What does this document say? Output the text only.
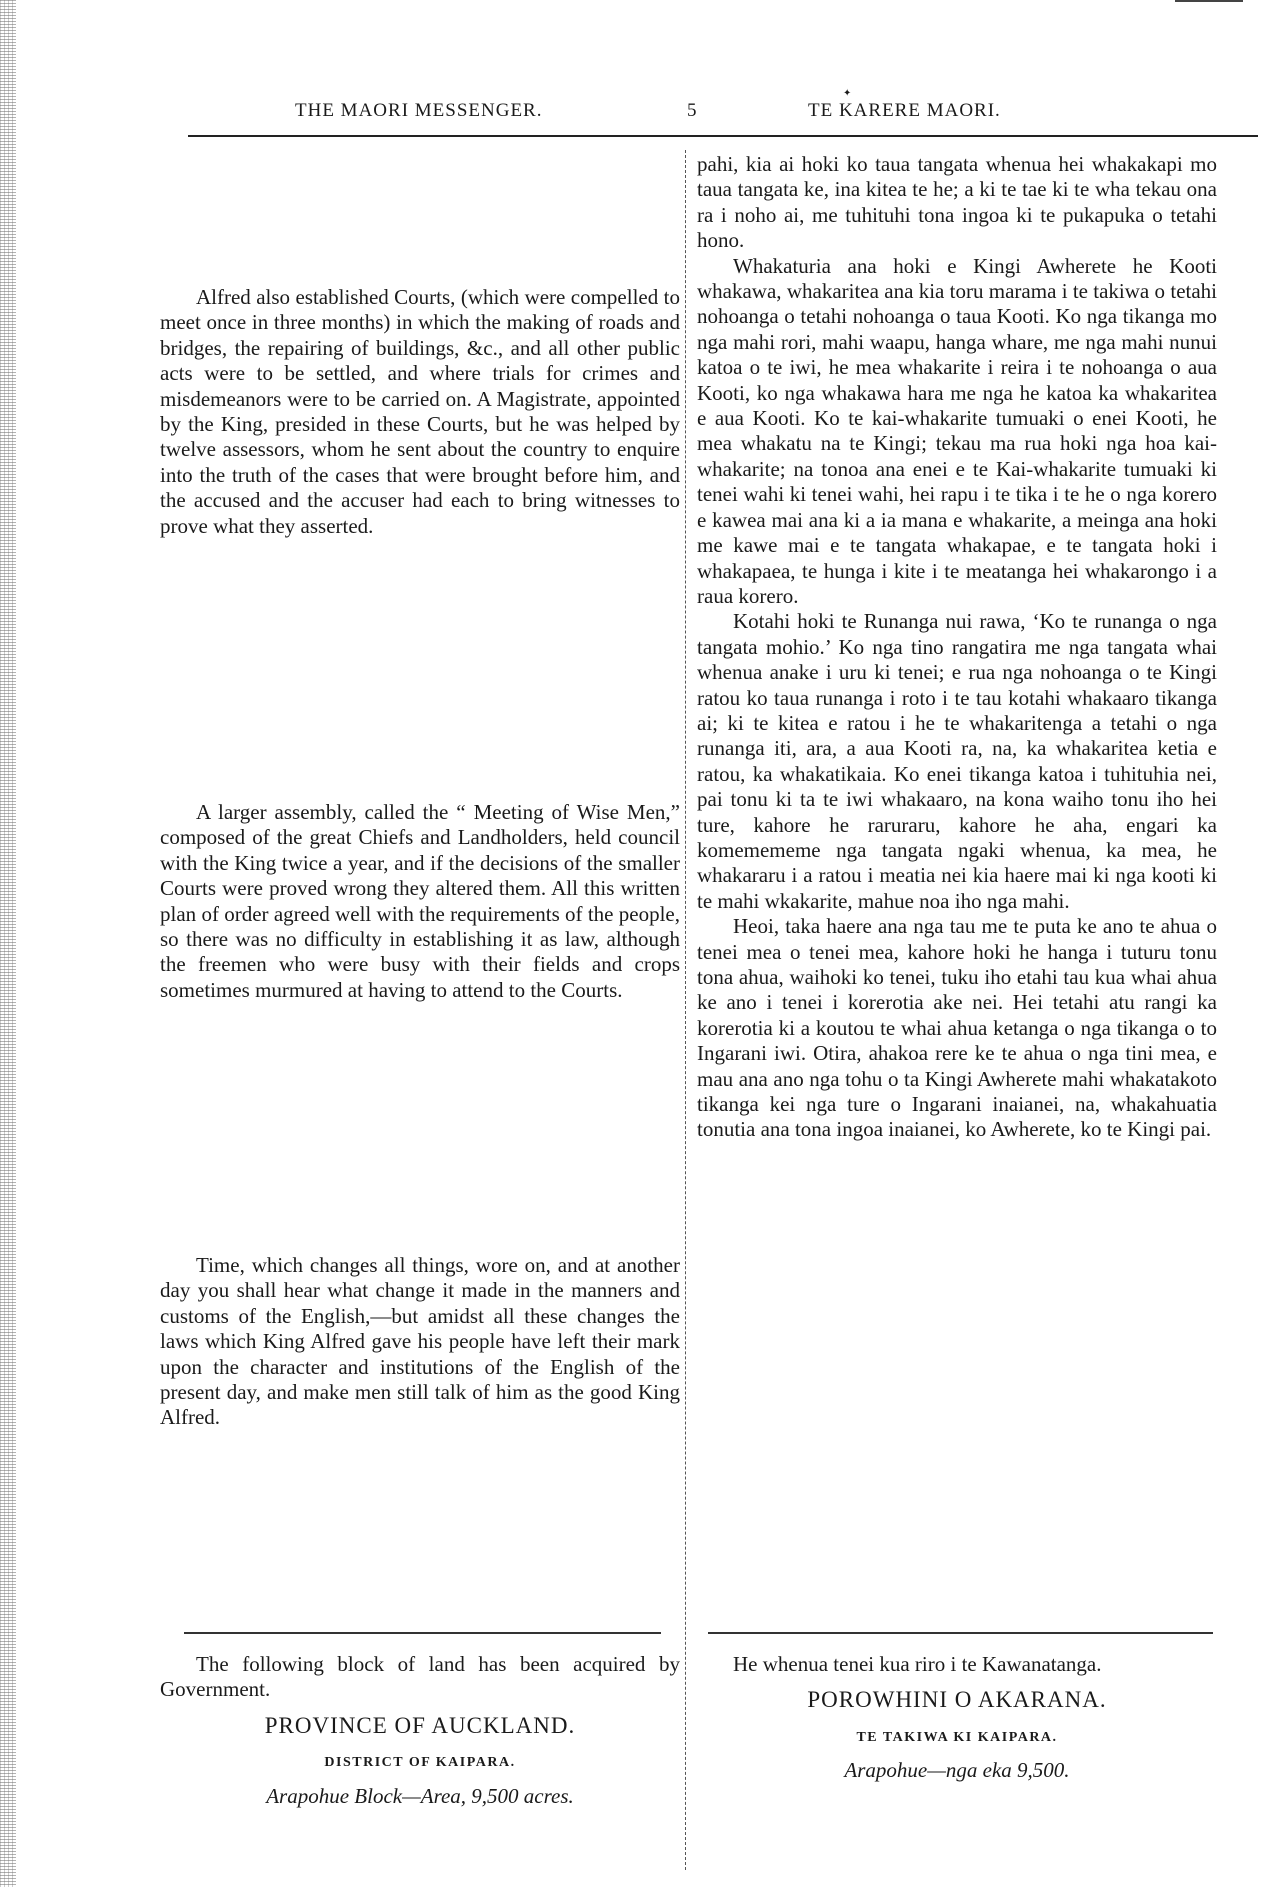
THE MAORI MESSENGER.	5
✦
TE KARERE MAORI.

Alfred also established Courts, (which were compelled to meet once in three months) in which the making of roads and bridges, the repairing of buildings, &c., and all other public acts were to be settled, and where trials for crimes and misdemeanors were to be carried on. A Magistrate, appointed by the King, presided in these Courts, but he was helped by twelve assessors, whom he sent about the country to enquire into the truth of the cases that were brought before him, and the accused and the accuser had each to bring witnesses to prove what they asserted.

A larger assembly, called the “ Meeting of Wise Men,” composed of the great Chiefs and Landholders, held council with the King twice a year, and if the decisions of the smaller Courts were proved wrong they altered them. All this written plan of order agreed well with the requirements of the people, so there was no difficulty in establishing it as law, although the freemen who were busy with their fields and crops sometimes murmured at having to attend to the Courts.

Time, which changes all things, wore on, and at another day you shall hear what change it made in the manners and customs of the English,—but amidst all these changes the laws which King Alfred gave his people have left their mark upon the character and institutions of the English of the present day, and make men still talk of him as the good King Alfred.

pahi, kia ai hoki ko taua tangata whenua hei whakakapi mo taua tangata ke, ina kitea te he; a ki te tae ki te wha tekau ona ra i noho ai, me tuhituhi tona ingoa ki te pukapuka o tetahi hono.

Whakaturia ana hoki e Kingi Awherete he Kooti whakawa, whakaritea ana kia toru marama i te takiwa o tetahi nohoanga o tetahi nohoanga o taua Kooti. Ko nga tikanga mo nga mahi rori, mahi waapu, hanga whare, me nga mahi nunui katoa o te iwi, he mea whakarite i reira i te nohoanga o aua Kooti, ko nga whakawa hara me nga he katoa ka whakaritea e aua Kooti. Ko te kai-whakarite tumuaki o enei Kooti, he mea whakatu na te Kingi; tekau ma rua hoki nga hoa kai-whakarite; na tonoa ana enei e te Kai-whakarite tumuaki ki tenei wahi ki tenei wahi, hei rapu i te tika i te he o nga korero e kawea mai ana ki a ia mana e whakarite, a meinga ana hoki me kawe mai e te tangata whakapae, e te tangata hoki i whakapaea, te hunga i kite i te meatanga hei whakarongo i a raua korero.

Kotahi hoki te Runanga nui rawa, ‘Ko te runanga o nga tangata mohio.’ Ko nga tino rangatira me nga tangata whai whenua anake i uru ki tenei; e rua nga nohoanga o te Kingi ratou ko taua runanga i roto i te tau kotahi whakaaro tikanga ai; ki te kitea e ratou i he te whakaritenga a tetahi o nga runanga iti, ara, a aua Kooti ra, na, ka whakaritea ketia e ratou, ka whakatikaia. Ko enei tikanga katoa i tuhituhia nei, pai tonu ki ta te iwi whakaaro, na kona waiho tonu iho hei ture, kahore he raruraru, kahore he aha, engari ka komemememe nga tangata ngaki whenua, ka mea, he whakararu i a ratou i meatia nei kia haere mai ki nga kooti ki te mahi wkakarite, mahue noa iho nga mahi.

Heoi, taka haere ana nga tau me te puta ke ano te ahua o tenei mea o tenei mea, kahore hoki he hanga i tuturu tonu tona ahua, waihoki ko tenei, tuku iho etahi tau kua whai ahua ke ano i tenei i korerotia ake nei. Hei tetahi atu rangi ka korerotia ki a koutou te whai ahua ketanga o nga tikanga o to Ingarani iwi. Otira, ahakoa rere ke te ahua o nga tini mea, e mau ana ano nga tohu o ta Kingi Awherete mahi whakatakoto tikanga kei nga ture o Ingarani inaianei, na, whakahuatia tonutia ana tona ingoa inaianei, ko Awherete, ko te Kingi pai.

The following block of land has been acquired by Government.

PROVINCE OF AUCKLAND.

DISTRICT OF KAIPARA.

Arapohue Block—Area, 9,500 acres.

He whenua tenei kua riro i te Kawanatanga.

POROWHINI O AKARANA.

TE TAKIWA KI KAIPARA.

Arapohue—nga eka 9,500.
